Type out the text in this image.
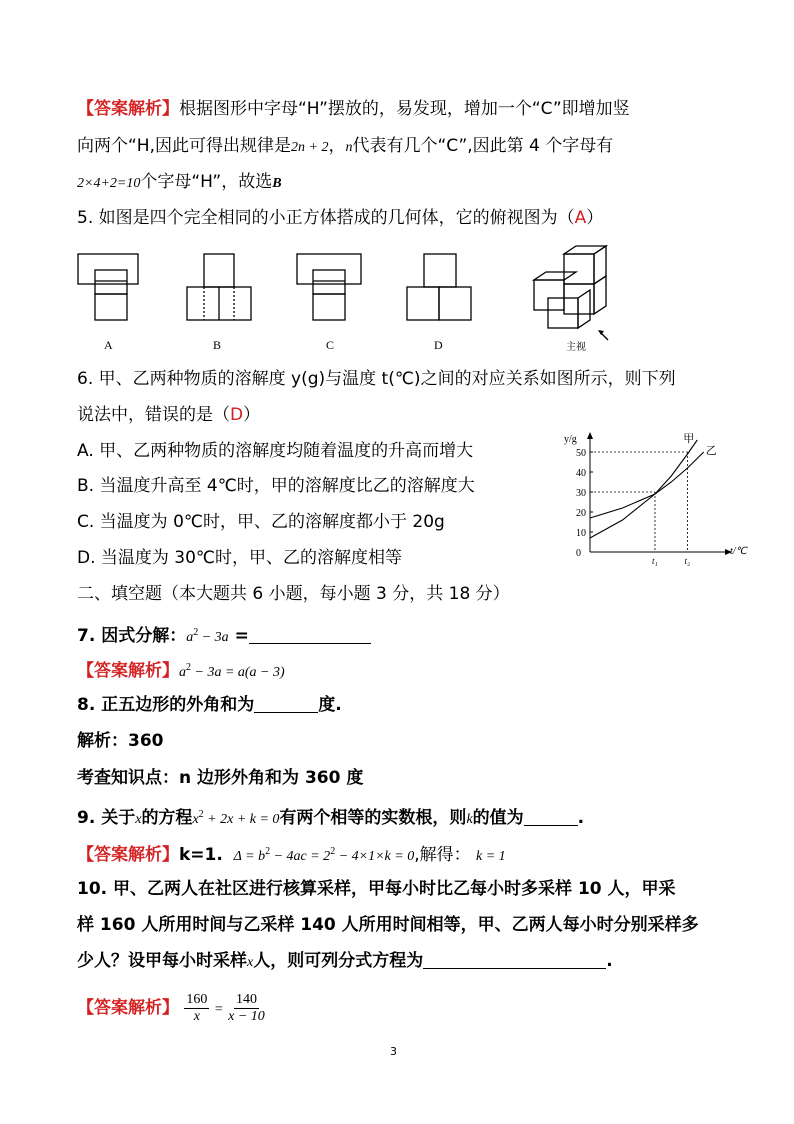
【答案解析】根据图形中字母“H”摆放的，易发现，增加一个“C”即增加竖
向两个“H,因此可得出规律是2n + 2，n代表有几个“C”,因此第 4 个字母有
2×4+2=10个字母“H”，故选B
5. 如图是四个完全相同的小正方体搭成的几何体，它的俯视图为（A）
A	B	C	D	主视
6. 甲、乙两种物质的溶解度 y(g)与温度 t(℃)之间的对应关系如图所示，则下列
说法中，错误的是（D）
A. 甲、乙两种物质的溶解度均随着温度的升高而增大
B. 当温度升高至 4℃时，甲的溶解度比乙的溶解度大
C. 当温度为 0℃时，甲、乙的溶解度都小于 20g
D. 当温度为 30℃时，甲、乙的溶解度相等
y/g
t/℃
0
10
20
30
40
50
t₁	t₂
甲
乙
二、填空题（本大题共 6 小题，每小题 3 分，共 18 分）
7. 因式分解：$a^2 - 3a$ =
【答案解析】$a^2 - 3a = a(a - 3)$
8. 正五边形的外角和为	度.
解析：360
考查知识点：n 边形外角和为 360 度
9. 关于x的方程$x^2 + 2x + k = 0$有两个相等的实数根，则k的值为	.
【答案解析】k=1. $\Delta = b^2 - 4ac = 2^2 - 4\times 1\times k = 0$,解得： k = 1
10. 甲、乙两人在社区进行核算采样，甲每小时比乙每小时多采样 10 人，甲采
样 160 人所用时间与乙采样 140 人所用时间相等，甲、乙两人每小时分别采样多
少人？设甲每小时采样x人，则可列分式方程为	.
【答案解析】 $\frac{160}{x} = \frac{140}{x - 10}$
3
